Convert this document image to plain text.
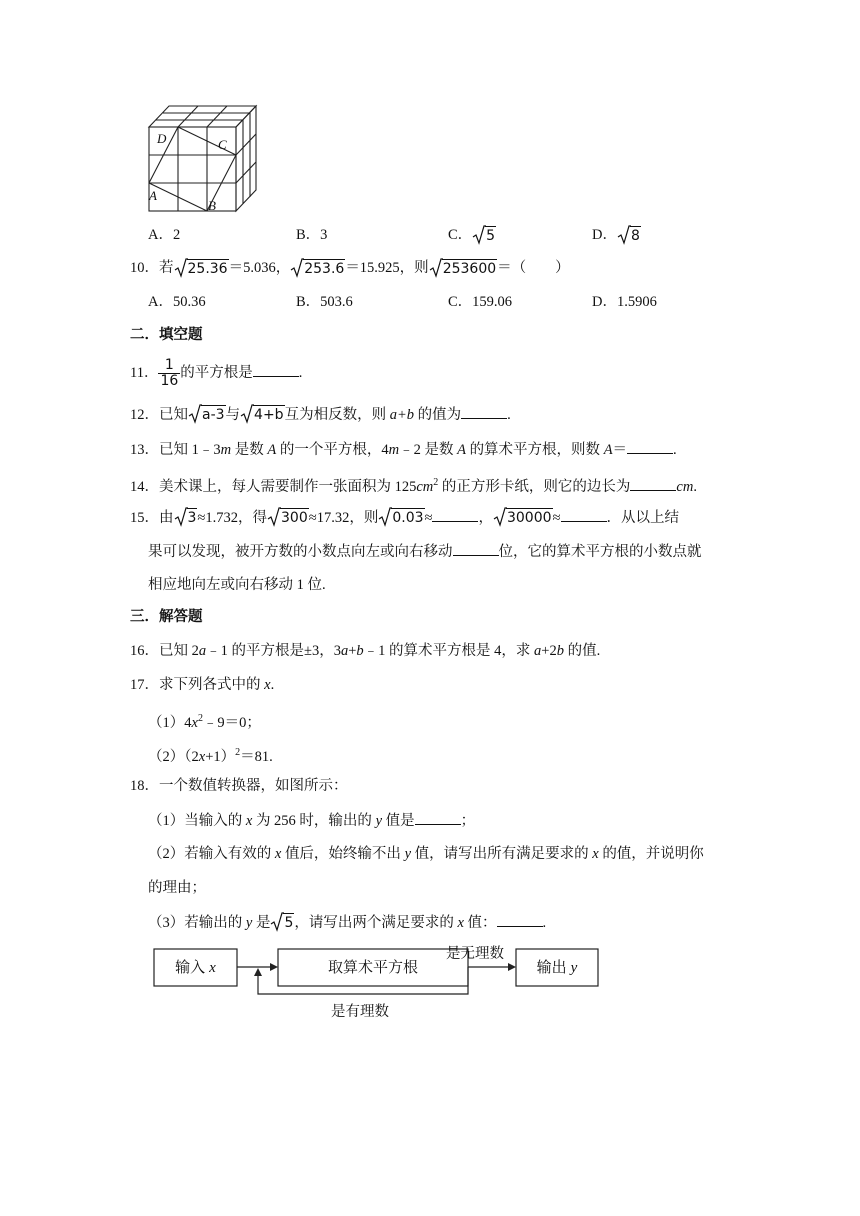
D	C
A
B
A．2	B．3	C． 5	D． 8
10．若 25.36＝5.036， 253.6＝15.925，则 253600＝（　　）
A．50.36	B．503.6	C．159.06	D．1.5906
二．填空题
11． $\frac{1}{16}$ 的平方根是	.
12．已知 a-3与 4+b互为相反数，则 a+b 的值为	.
13．已知 1﹣3m 是数 A 的一个平方根，4m﹣2 是数 A 的算术平方根，则数 A＝	.
14．美术课上，每人需要制作一张面积为 $125cm^2$ 的正方形卡纸，则它的边长为	cm.
15．由 3≈1.732，得 300≈17.32，则 0.03≈	， 30000≈	．从以上结
果可以发现，被开方数的小数点向左或向右移动	位，它的算术平方根的小数点就
相应地向左或向右移动 1 位.
三．解答题
16．已知 2a﹣1 的平方根是±3，3a+b﹣1 的算术平方根是 4，求 a+2b 的值.
17．求下列各式中的 x.
$(1)4x^2﹣9=0$；
$(2)(2x+1)^2=81$.
18．一个数值转换器，如图所示：
（1）当输入的 x 为 256 时，输出的 y 值是	；
（2）若输入有效的 x 值后，始终输不出 y 值，请写出所有满足要求的 x 的值，并说明你
的理由；
（3）若输出的 y 是 5，请写出两个满足要求的 x 值：	.
输入 x	取算术平方根
是无理数
输出 y
是有理数
